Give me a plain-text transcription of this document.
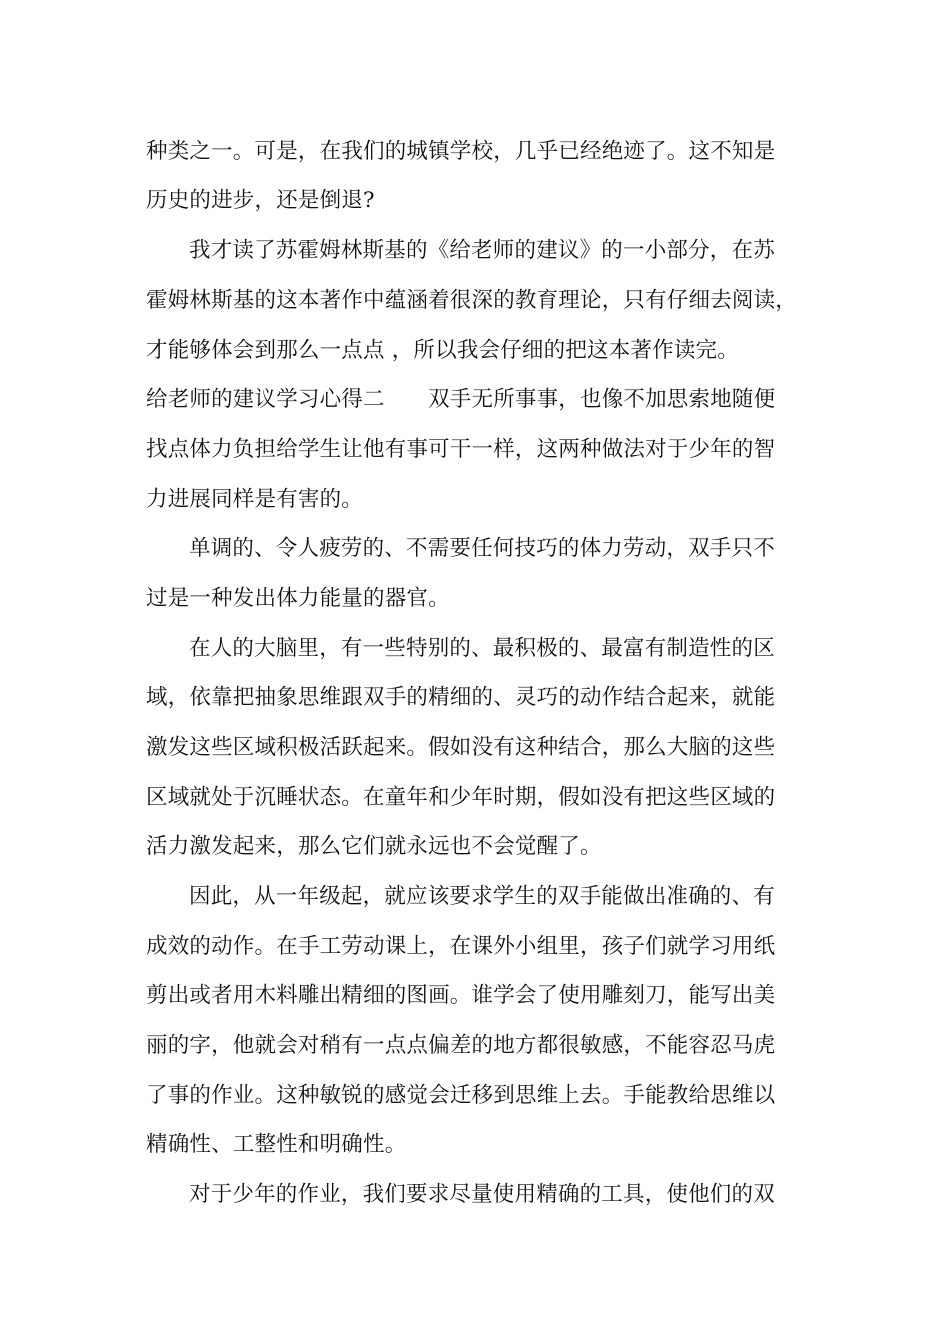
种类之一。可是，在我们的城镇学校，几乎已经绝迹了。这不知是
历史的进步，还是倒退?
我才读了苏霍姆林斯基的《给老师的建议》的一小部分，在苏
霍姆林斯基的这本著作中蕴涵着很深的教育理论，只有仔细去阅读，
才能够体会到那么一点点 ，所以我会仔细的把这本著作读完。
给老师的建议学习心得二　　双手无所事事，也像不加思索地随便
找点体力负担给学生让他有事可干一样，这两种做法对于少年的智
力进展同样是有害的。
单调的、令人疲劳的、不需要任何技巧的体力劳动，双手只不
过是一种发出体力能量的器官。
在人的大脑里，有一些特别的、最积极的、最富有制造性的区
域，依靠把抽象思维跟双手的精细的、灵巧的动作结合起来，就能
激发这些区域积极活跃起来。假如没有这种结合，那么大脑的这些
区域就处于沉睡状态。在童年和少年时期，假如没有把这些区域的
活力激发起来，那么它们就永远也不会觉醒了。
因此，从一年级起，就应该要求学生的双手能做出准确的、有
成效的动作。在手工劳动课上，在课外小组里，孩子们就学习用纸
剪出或者用木料雕出精细的图画。谁学会了使用雕刻刀，能写出美
丽的字，他就会对稍有一点点偏差的地方都很敏感，不能容忍马虎
了事的作业。这种敏锐的感觉会迁移到思维上去。手能教给思维以
精确性、工整性和明确性。
对于少年的作业，我们要求尽量使用精确的工具，使他们的双
